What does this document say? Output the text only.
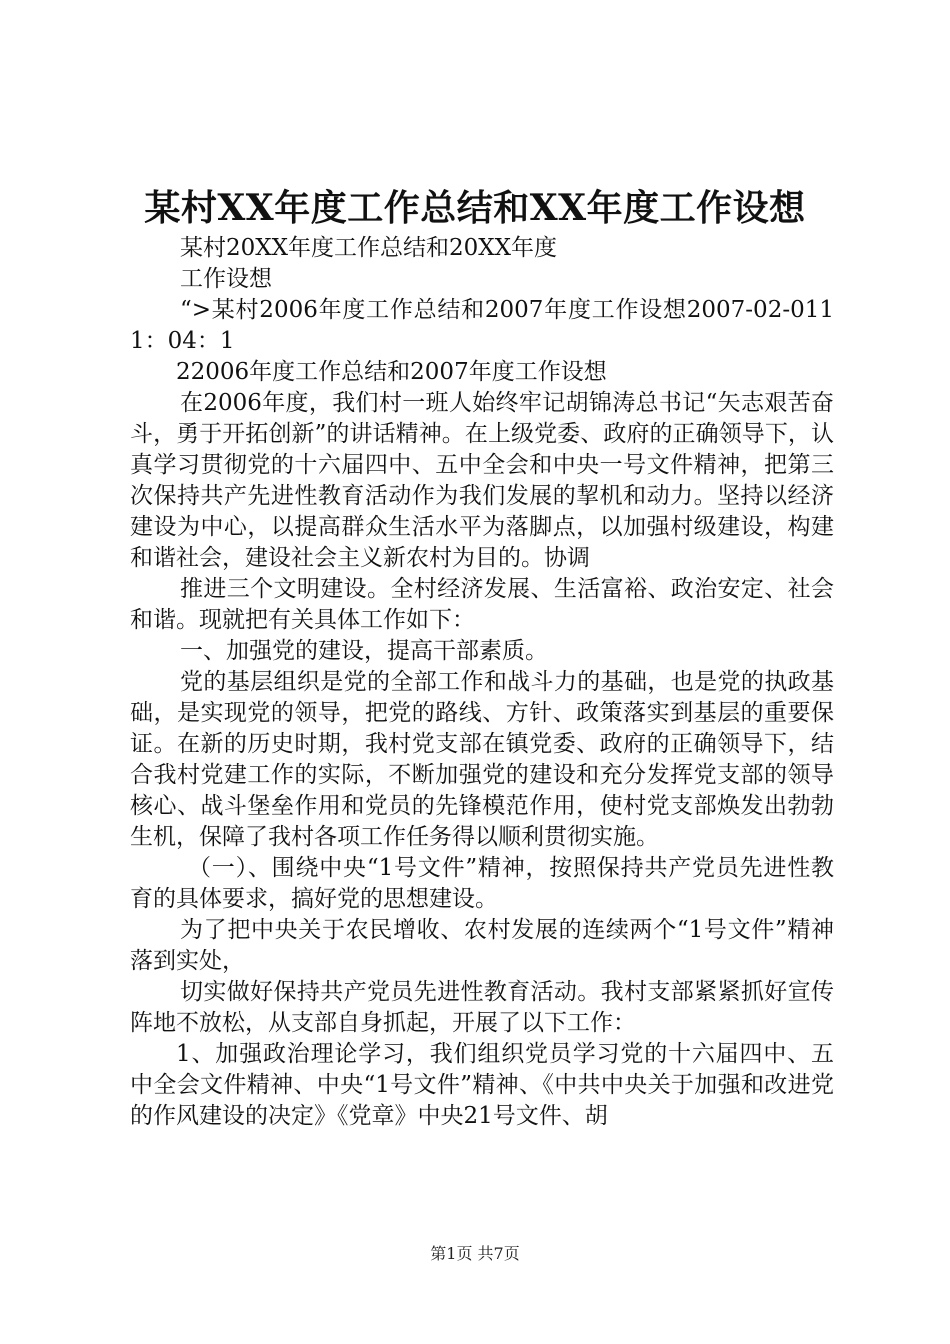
某村XX年度工作总结和XX年度工作设想

某村20XX年度工作总结和20XX年度

工作设想

“>某村2006年度工作总结和2007年度工作设想2007-02-0111：04：1

22006年度工作总结和2007年度工作设想

在2006年度，我们村一班人始终牢记胡锦涛总书记“矢志艰苦奋斗，勇于开拓创新”的讲话精神。在上级党委、政府的正确领导下，认真学习贯彻党的十六届四中、五中全会和中央一号文件精神，把第三次保持共产先进性教育活动作为我们发展的挈机和动力。坚持以经济建设为中心，以提高群众生活水平为落脚点，以加强村级建设，构建和谐社会，建设社会主义新农村为目的。协调

推进三个文明建设。全村经济发展、生活富裕、政治安定、社会和谐。现就把有关具体工作如下：

一、加强党的建设，提高干部素质。

党的基层组织是党的全部工作和战斗力的基础，也是党的执政基础，是实现党的领导，把党的路线、方针、政策落实到基层的重要保证。在新的历史时期，我村党支部在镇党委、政府的正确领导下，结合我村党建工作的实际，不断加强党的建设和充分发挥党支部的领导核心、战斗堡垒作用和党员的先锋模范作用，使村党支部焕发出勃勃生机，保障了我村各项工作任务得以顺利贯彻实施。

（一）、围绕中央“1号文件”精神，按照保持共产党员先进性教育的具体要求，搞好党的思想建设。

为了把中央关于农民增收、农村发展的连续两个“1号文件”精神落到实处，

切实做好保持共产党员先进性教育活动。我村支部紧紧抓好宣传阵地不放松，从支部自身抓起，开展了以下工作：

1、加强政治理论学习，我们组织党员学习党的十六届四中、五中全会文件精神、中央“1号文件”精神、《中共中央关于加强和改进党的作风建设的决定》《党章》中央21号文件、胡

第1页 共7页
